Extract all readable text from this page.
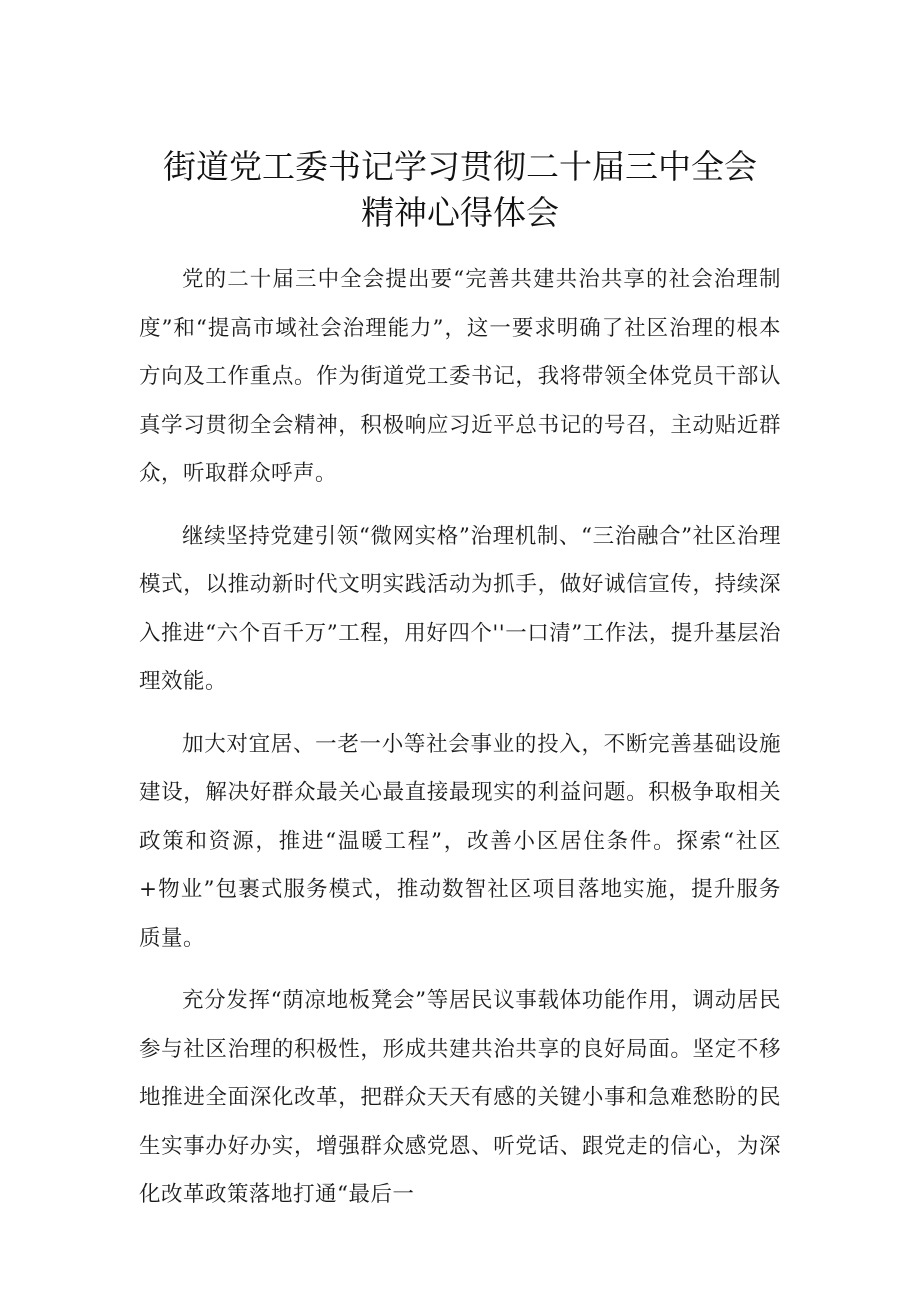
街道党工委书记学习贯彻二十届三中全会
精神心得体会

党的二十届三中全会提出要“完善共建共治共享的社会治理制度”和“提高市域社会治理能力”，这一要求明确了社区治理的根本方向及工作重点。作为街道党工委书记，我将带领全体党员干部认真学习贯彻全会精神，积极响应习近平总书记的号召，主动贴近群众，听取群众呼声。

继续坚持党建引领“微网实格”治理机制、“三治融合”社区治理模式，以推动新时代文明实践活动为抓手，做好诚信宣传，持续深入推进“六个百千万”工程，用好四个''一口清”工作法，提升基层治理效能。

加大对宜居、一老一小等社会事业的投入，不断完善基础设施建设，解决好群众最关心最直接最现实的利益问题。积极争取相关政策和资源，推进“温暖工程”，改善小区居住条件。探索“社区+物业”包裹式服务模式，推动数智社区项目落地实施，提升服务质量。

充分发挥“荫凉地板凳会”等居民议事载体功能作用，调动居民参与社区治理的积极性，形成共建共治共享的良好局面。坚定不移地推进全面深化改革，把群众天天有感的关键小事和急难愁盼的民生实事办好办实，增强群众感党恩、听党话、跟党走的信心，为深化改革政策落地打通“最后一
